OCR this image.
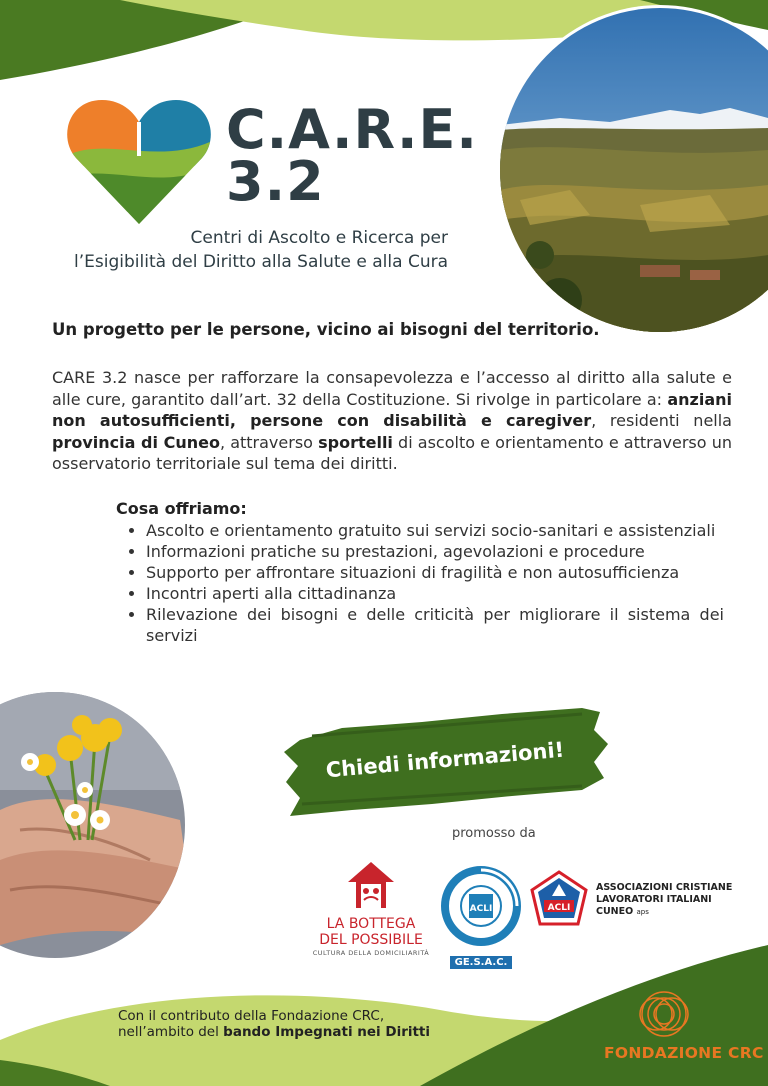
C.A.R.E.
3.2
Centri di Ascolto e Ricerca per
l’Esigibilità del Diritto alla Salute e alla Cura
Un progetto per le persone, vicino ai bisogni del territorio.
CARE 3.2 nasce per rafforzare la consapevolezza e l’accesso al diritto alla salute e alle cure, garantito dall’art. 32 della Costituzione. Si rivolge in particolare a: anziani non autosufficienti, persone con disabilità e caregiver, residenti nella provincia di Cuneo, attraverso sportelli di ascolto e orientamento e attraverso un osservatorio territoriale sul tema dei diritti.
Cosa offriamo:
• Ascolto e orientamento gratuito sui servizi socio-sanitari e assistenziali
• Informazioni pratiche su prestazioni, agevolazioni e procedure
• Supporto per affrontare situazioni di fragilità e non autosufficienza
• Incontri aperti alla cittadinanza
• Rilevazione dei bisogni e delle criticità per migliorare il sistema dei servizi
Chiedi informazioni!
promosso da
LA BOTTEGA
DEL POSSIBILE
CULTURA DELLA DOMICILIARITÀ
ACLI
GE.S.A.C.
ACLI
ASSOCIAZIONI CRISTIANE
LAVORATORI ITALIANI
CUNEO aps
Con il contributo della Fondazione CRC,
nell’ambito del bando Impegnati nei Diritti
FONDAZIONE CRC
